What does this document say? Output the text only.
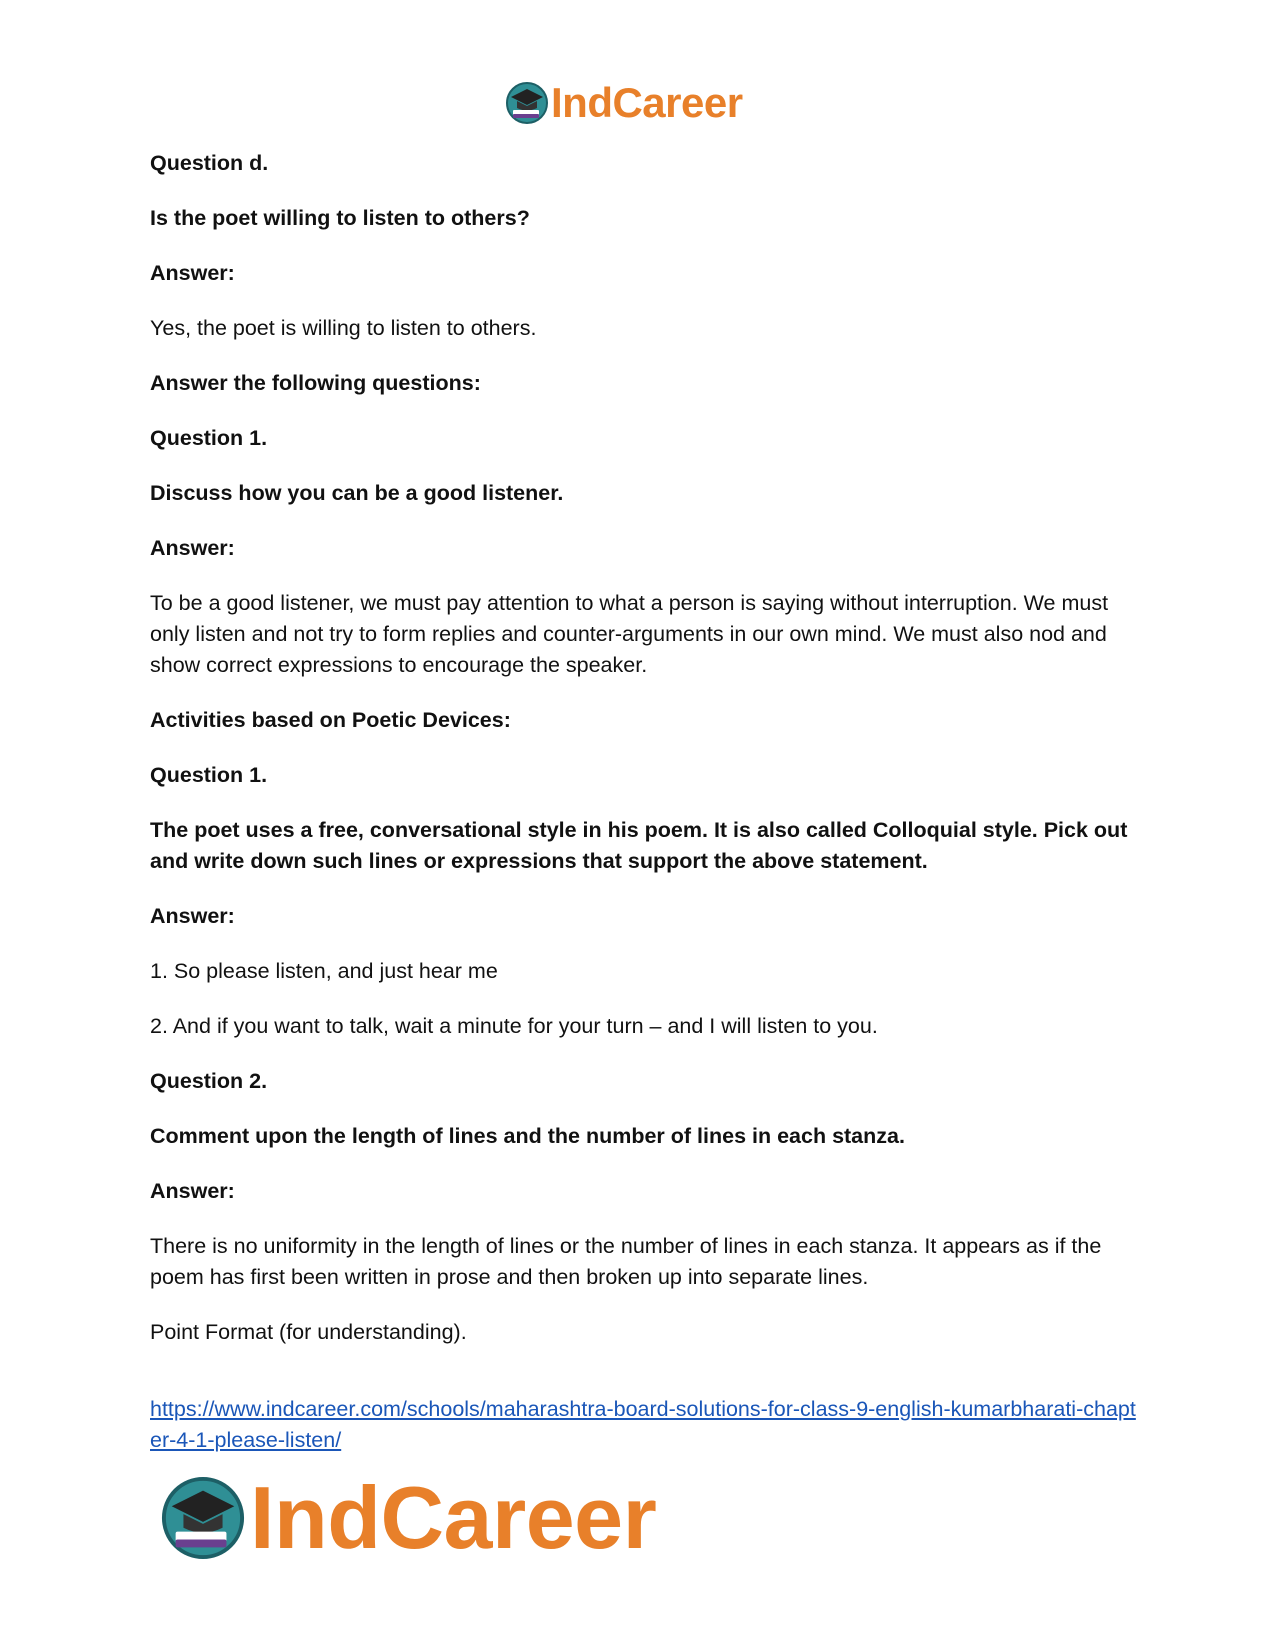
IndCareer

Question d.

Is the poet willing to listen to others?

Answer:

Yes, the poet is willing to listen to others.

Answer the following questions:

Question 1.

Discuss how you can be a good listener.

Answer:

To be a good listener, we must pay attention to what a person is saying without interruption. We must only listen and not try to form replies and counter-arguments in our own mind. We must also nod and show correct expressions to encourage the speaker.

Activities based on Poetic Devices:

Question 1.

The poet uses a free, conversational style in his poem. It is also called Colloquial style. Pick out and write down such lines or expressions that support the above statement.

Answer:

1. So please listen, and just hear me

2. And if you want to talk, wait a minute for your turn – and I will listen to you.

Question 2.

Comment upon the length of lines and the number of lines in each stanza.

Answer:

There is no uniformity in the length of lines or the number of lines in each stanza. It appears as if the poem has first been written in prose and then broken up into separate lines.

Point Format (for understanding).

https://www.indcareer.com/schools/maharashtra-board-solutions-for-class-9-english-kumarbharati-chapter-4-1-please-listen/

IndCareer
